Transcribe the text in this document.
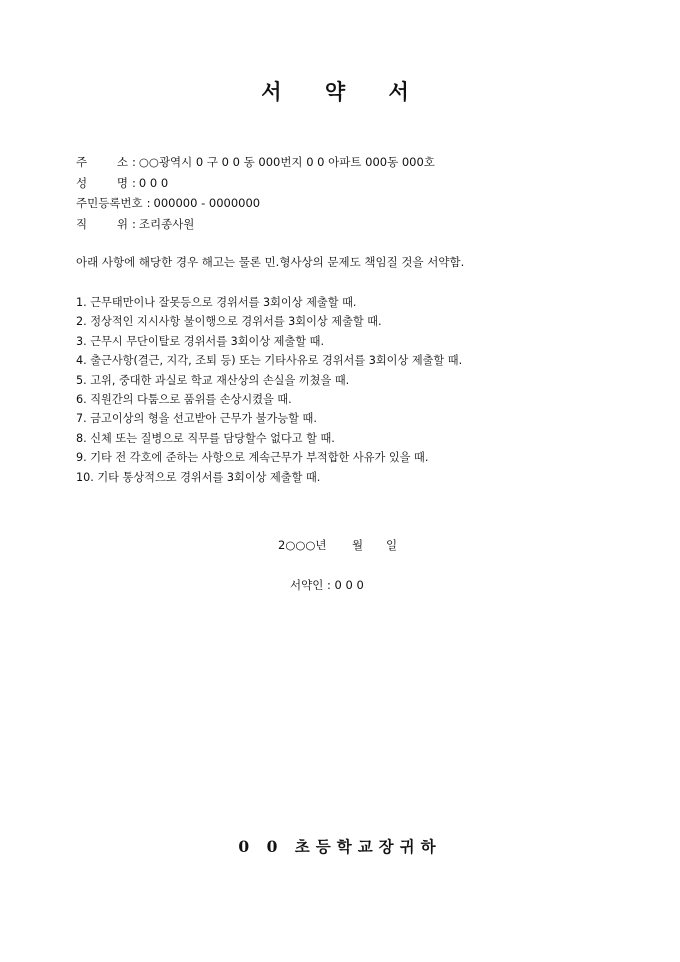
서 약 서
주	소 : ○○광역시 0 구 0 0 동 000번지 0 0 아파트 000동 000호
성	명 : 0 0 0
주민등록번호 : 000000 - 0000000
직	위 : 조리종사원
아래 사항에 해당한 경우 해고는 물론 민.형사상의 문제도 책임질 것을 서약함.
1. 근무태만이나 잘못등으로 경위서를 3회이상 제출할 때.
2. 정상적인 지시사항 불이행으로 경위서를 3회이상 제출할 때.
3. 근무시 무단이탈로 경위서를 3회이상 제출할 때.
4. 출근사항(결근, 지각, 조퇴 등) 또는 기타사유로 경위서를 3회이상 제출할 때.
5. 고위, 중대한 과실로 학교 재산상의 손실을 끼쳤을 때.
6. 직원간의 다툼으로 품위를 손상시켰을 때.
7. 금고이상의 형을 선고받아 근무가 불가능할 때.
8. 신체 또는 질병으로 직무를 담당할수 없다고 할 때.
9. 기타 전 각호에 준하는 사항으로 계속근무가 부적합한 사유가 있을 때.
10. 기타 통상적으로 경위서를 3회이상 제출할 때.
2○○○년 월 일
서약인 : 0 0 0
0 0 초등학교장귀하
